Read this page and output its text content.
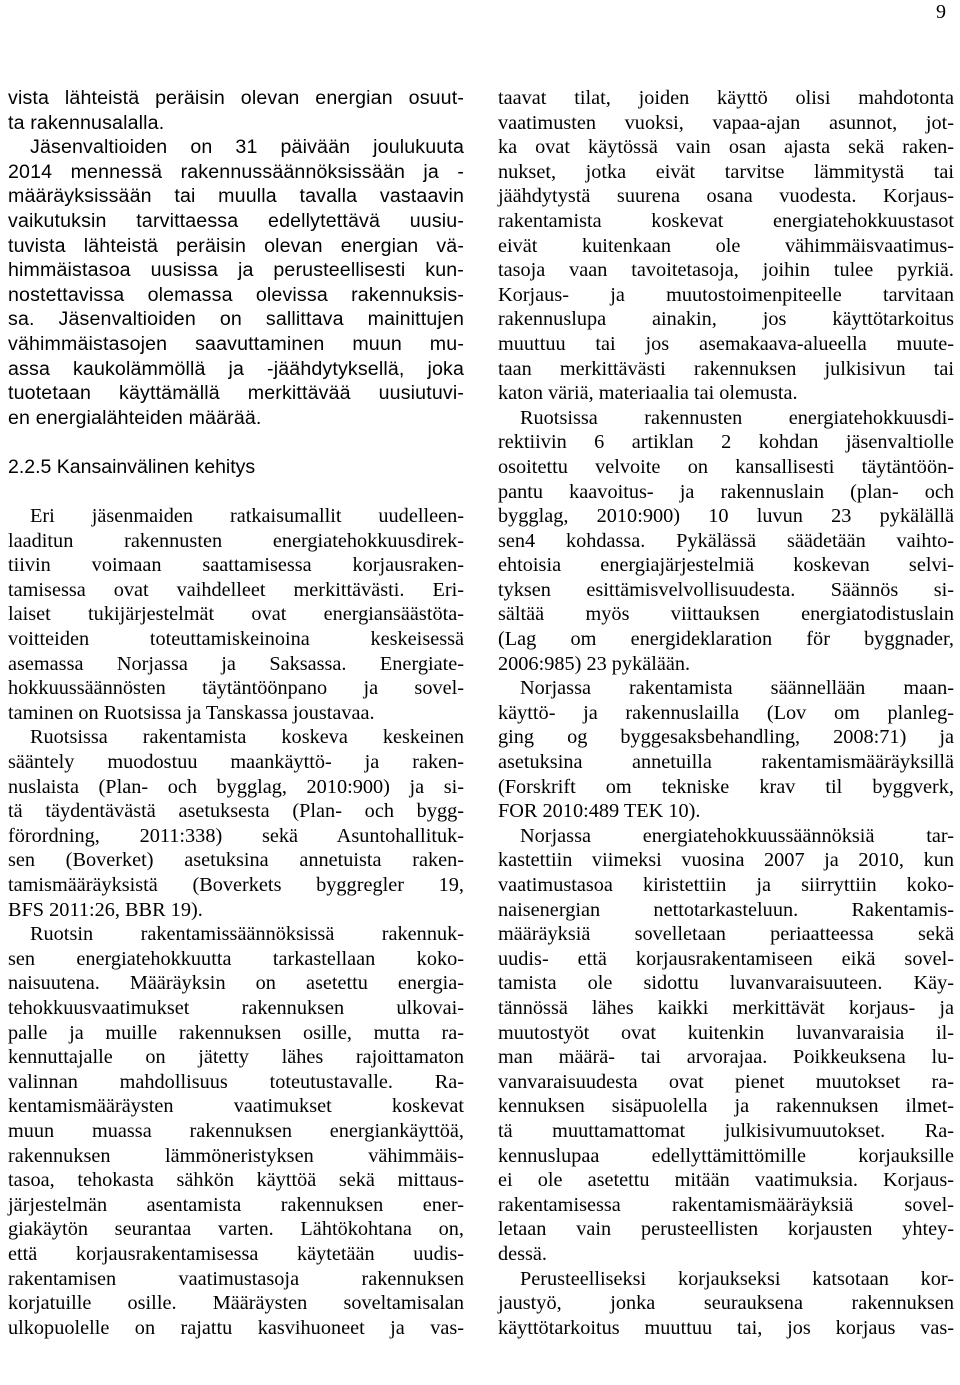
9
vista lähteistä peräisin olevan energian osuut-
ta rakennusalalla.
Jäsenvaltioiden on 31 päivään joulukuuta
2014 mennessä rakennussäännöksissään ja -
määräyksissään tai muulla tavalla vastaavin
vaikutuksin tarvittaessa edellytettävä uusiu-
tuvista lähteistä peräisin olevan energian vä-
himmäistasoa uusissa ja perusteellisesti kun-
nostettavissa olemassa olevissa rakennuksis-
sa. Jäsenvaltioiden on sallittava mainittujen
vähimmäistasojen saavuttaminen muun mu-
assa kaukolämmöllä ja -jäähdytyksellä, joka
tuotetaan käyttämällä merkittävää uusiutuvi-
en energialähteiden määrää.
2.2.5 Kansainvälinen kehitys
Eri jäsenmaiden ratkaisumallit uudelleen-
laaditun rakennusten energiatehokkuusdirek-
tiivin voimaan saattamisessa korjausraken-
tamisessa ovat vaihdelleet merkittävästi. Eri-
laiset tukijärjestelmät ovat energiansäästöta-
voitteiden toteuttamiskeinoina keskeisessä
asemassa Norjassa ja Saksassa. Energiate-
hokkuussäännösten täytäntöönpano ja sovel-
taminen on Ruotsissa ja Tanskassa joustavaa.
Ruotsissa rakentamista koskeva keskeinen
sääntely muodostuu maankäyttö- ja raken-
nuslaista (Plan- och bygglag, 2010:900) ja si-
tä täydentävästä asetuksesta (Plan- och bygg-
förordning, 2011:338) sekä Asuntohallituk-
sen (Boverket) asetuksina annetuista raken-
tamismääräyksistä (Boverkets byggregler 19,
BFS 2011:26, BBR 19).
Ruotsin rakentamissäännöksissä rakennuk-
sen energiatehokkuutta tarkastellaan koko-
naisuutena. Määräyksin on asetettu energia-
tehokkuusvaatimukset rakennuksen ulkovai-
palle ja muille rakennuksen osille, mutta ra-
kennuttajalle on jätetty lähes rajoittamaton
valinnan mahdollisuus toteutustavalle. Ra-
kentamismääräysten vaatimukset koskevat
muun muassa rakennuksen energiankäyttöä,
rakennuksen lämmöneristyksen vähimmäis-
tasoa, tehokasta sähkön käyttöä sekä mittaus-
järjestelmän asentamista rakennuksen ener-
giakäytön seurantaa varten. Lähtökohtana on,
että korjausrakentamisessa käytetään uudis-
rakentamisen vaatimustasoja rakennuksen
korjatuille osille. Määräysten soveltamisalan
ulkopuolelle on rajattu kasvihuoneet ja vas-
taavat tilat, joiden käyttö olisi mahdotonta
vaatimusten vuoksi, vapaa-ajan asunnot, jot-
ka ovat käytössä vain osan ajasta sekä raken-
nukset, jotka eivät tarvitse lämmitystä tai
jäähdytystä suurena osana vuodesta. Korjaus-
rakentamista koskevat energiatehokkuustasot
eivät kuitenkaan ole vähimmäisvaatimus-
tasoja vaan tavoitetasoja, joihin tulee pyrkiä.
Korjaus- ja muutostoimenpiteelle tarvitaan
rakennuslupa ainakin, jos käyttötarkoitus
muuttuu tai jos asemakaava-alueella muute-
taan merkittävästi rakennuksen julkisivun tai
katon väriä, materiaalia tai olemusta.
Ruotsissa rakennusten energiatehokkuusdi-
rektiivin 6 artiklan 2 kohdan jäsenvaltiolle
osoitettu velvoite on kansallisesti täytäntöön-
pantu kaavoitus- ja rakennuslain (plan- och
bygglag, 2010:900) 10 luvun 23 pykälällä
sen4 kohdassa. Pykälässä säädetään vaihto-
ehtoisia energiajärjestelmiä koskevan selvi-
tyksen esittämisvelvollisuudesta. Säännös si-
sältää myös viittauksen energiatodistuslain
(Lag om energideklaration för byggnader,
2006:985) 23 pykälään.
Norjassa rakentamista säännellään maan-
käyttö- ja rakennuslailla (Lov om planleg-
ging og byggesaksbehandling, 2008:71) ja
asetuksina annetuilla rakentamismääräyksillä
(Forskrift om tekniske krav til byggverk,
FOR 2010:489 TEK 10).
Norjassa energiatehokkuussäännöksiä tar-
kastettiin viimeksi vuosina 2007 ja 2010, kun
vaatimustasoa kiristettiin ja siirryttiin koko-
naisenergian nettotarkasteluun. Rakentamis-
määräyksiä sovelletaan periaatteessa sekä
uudis- että korjausrakentamiseen eikä sovel-
tamista ole sidottu luvanvaraisuuteen. Käy-
tännössä lähes kaikki merkittävät korjaus- ja
muutostyöt ovat kuitenkin luvanvaraisia il-
man määrä- tai arvorajaa. Poikkeuksena lu-
vanvaraisuudesta ovat pienet muutokset ra-
kennuksen sisäpuolella ja rakennuksen ilmet-
tä muuttamattomat julkisivumuutokset. Ra-
kennuslupaa edellyttämittömille korjauksille
ei ole asetettu mitään vaatimuksia. Korjaus-
rakentamisessa rakentamismääräyksiä sovel-
letaan vain perusteellisten korjausten yhtey-
dessä.
Perusteelliseksi korjaukseksi katsotaan kor-
jaustyö, jonka seurauksena rakennuksen
käyttötarkoitus muuttuu tai, jos korjaus vas-
